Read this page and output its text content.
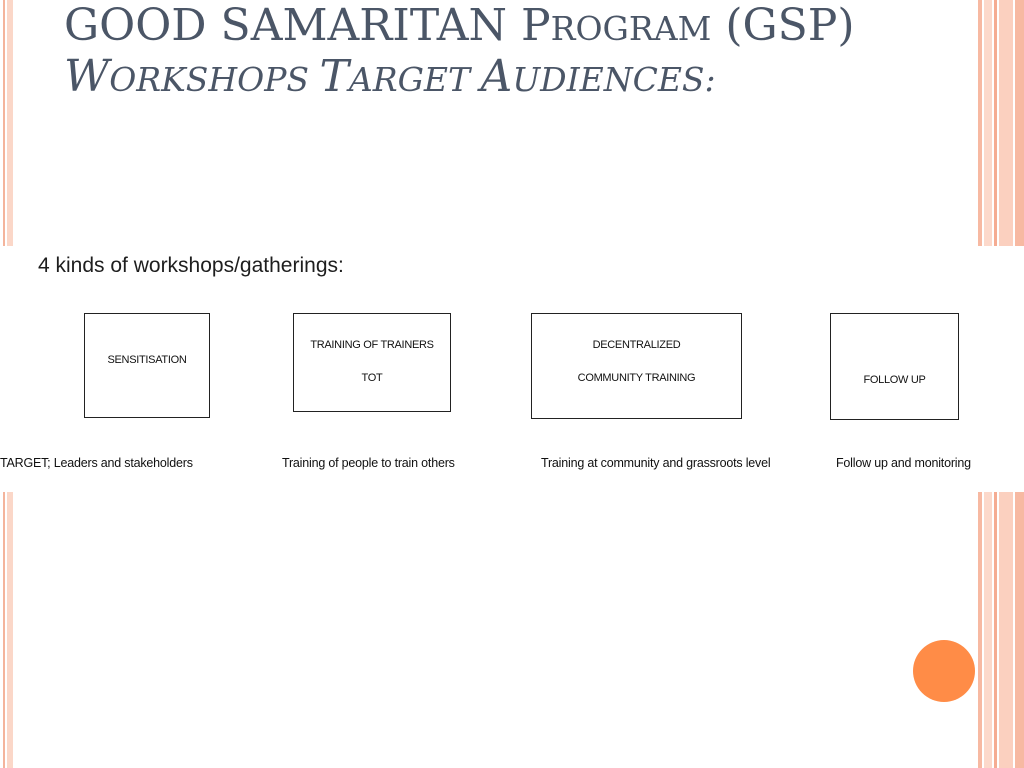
GOOD SAMARITAN PROGRAM (GSP)
WORKSHOPS TARGET AUDIENCES:
4 kinds of workshops/gatherings:
SENSITISATION
TRAINING OF TRAINERS
TOT
DECENTRALIZED
COMMUNITY TRAINING	FOLLOW UP
TARGET; Leaders and stakeholders	Training of people to train others	Training at community and grassroots level	Follow up and monitoring
